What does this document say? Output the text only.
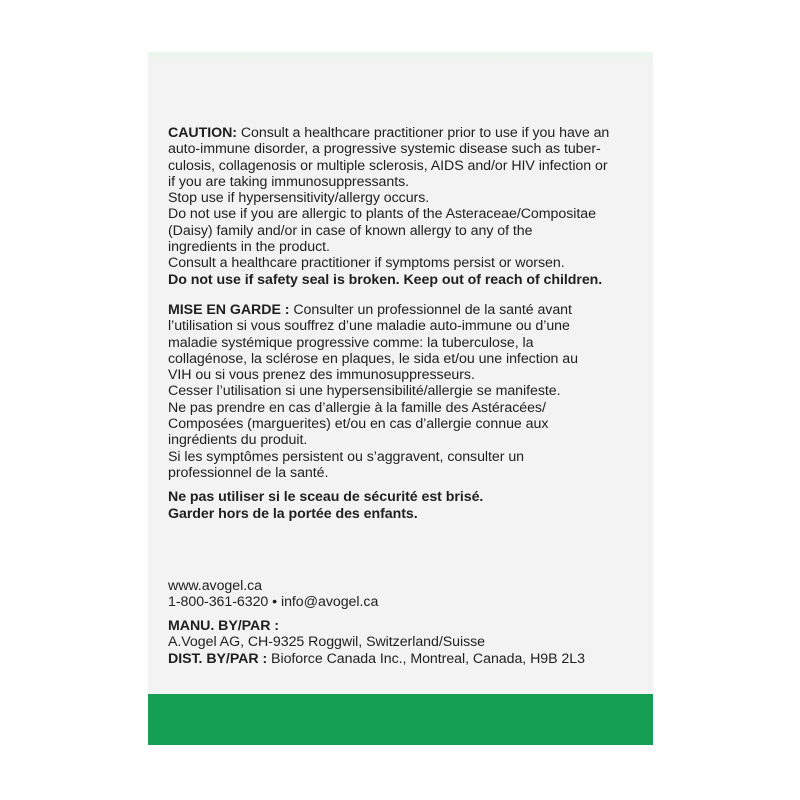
CAUTION: Consult a healthcare practitioner prior to use if you have an
auto-immune disorder, a progressive systemic disease such as tuber-
culosis, collagenosis or multiple sclerosis, AIDS and/or HIV infection or
if you are taking immunosuppressants.
Stop use if hypersensitivity/allergy occurs.
Do not use if you are allergic to plants of the Asteraceae/Compositae
(Daisy) family and/or in case of known allergy to any of the
ingredients in the product.
Consult a healthcare practitioner if symptoms persist or worsen.
Do not use if safety seal is broken. Keep out of reach of children.
MISE EN GARDE : Consulter un professionnel de la santé avant
l’utilisation si vous souffrez d’une maladie auto-immune ou d’une
maladie systémique progressive comme: la tuberculose, la
collagénose, la sclérose en plaques, le sida et/ou une infection au
VIH ou si vous prenez des immunosuppresseurs.
Cesser l’utilisation si une hypersensibilité/allergie se manifeste.
Ne pas prendre en cas d’allergie à la famille des Astéracées/
Composées (marguerites) et/ou en cas d’allergie connue aux
ingrédients du produit.
Si les symptômes persistent ou s’aggravent, consulter un
professionnel de la santé.
Ne pas utiliser si le sceau de sécurité est brisé.
Garder hors de la portée des enfants.
www.avogel.ca
1-800-361-6320 • info@avogel.ca
MANU. BY/PAR :
A.Vogel AG, CH-9325 Roggwil, Switzerland/Suisse
DIST. BY/PAR : Bioforce Canada Inc., Montreal, Canada, H9B 2L3
